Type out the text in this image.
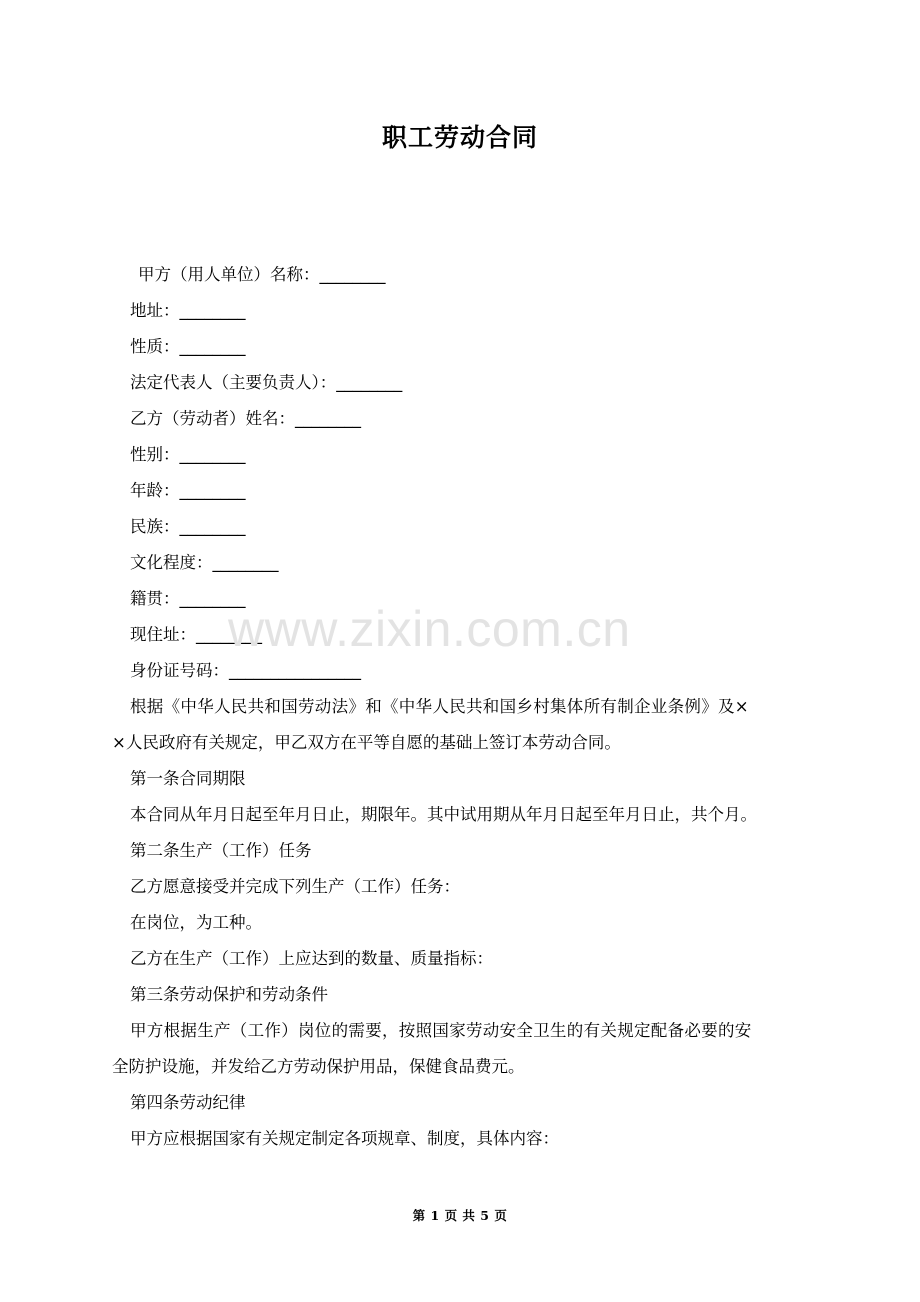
职工劳动合同
甲方（用人单位）名称：________
地址：________
性质：________
法定代表人（主要负责人）：________
乙方（劳动者）姓名：________
性别：________
年龄：________
民族：________
文化程度：________
籍贯：________
现住址：________
身份证号码：________________
根据《中华人民共和国劳动法》和《中华人民共和国乡村集体所有制企业条例》及×
×人民政府有关规定，甲乙双方在平等自愿的基础上签订本劳动合同。
第一条合同期限
本合同从年月日起至年月日止，期限年。其中试用期从年月日起至年月日止，共个月。
第二条生产（工作）任务
乙方愿意接受并完成下列生产（工作）任务：
在岗位，为工种。
乙方在生产（工作）上应达到的数量、质量指标：
第三条劳动保护和劳动条件
甲方根据生产（工作）岗位的需要，按照国家劳动安全卫生的有关规定配备必要的安
全防护设施，并发给乙方劳动保护用品，保健食品费元。
第四条劳动纪律
甲方应根据国家有关规定制定各项规章、制度，具体内容：
www.zixin.com.cn
第 1 页 共 5 页
